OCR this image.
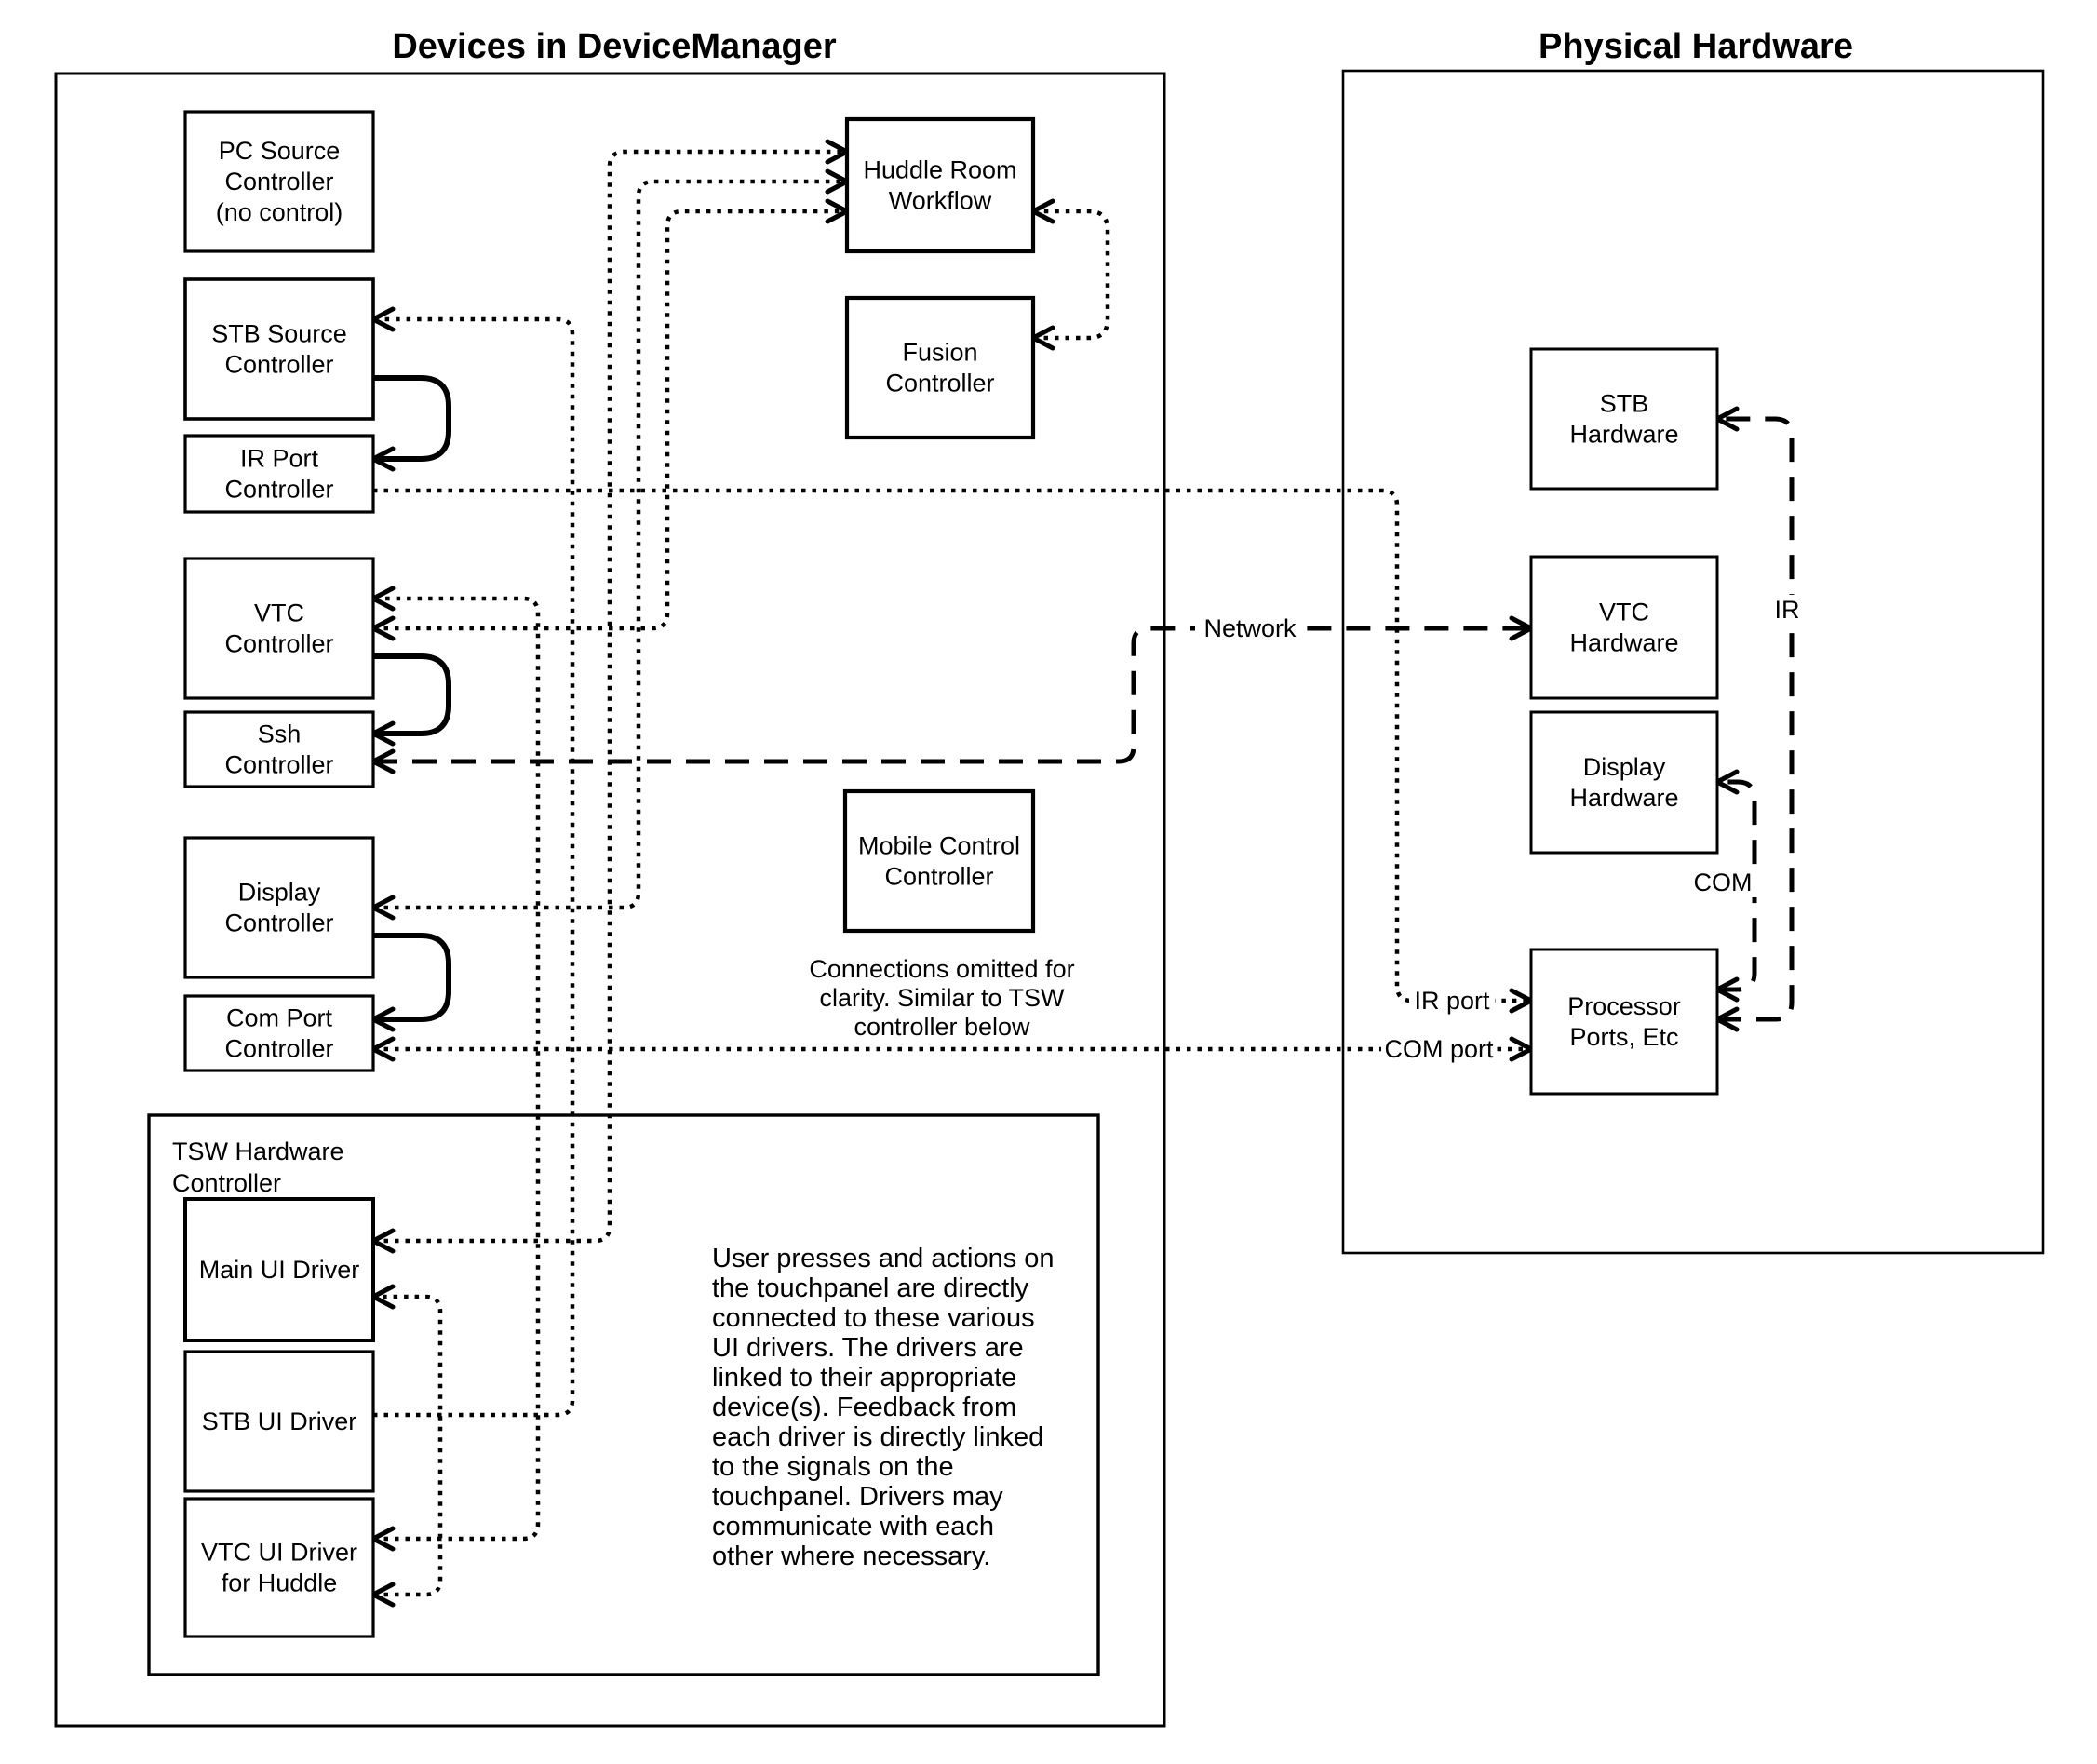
Network
IR
COM
IR port
COM port
PC Source Controller (no control)
STB Source Controller
IR Port Controller
VTC Controller
Ssh Controller
Display Controller
Com Port Controller
Huddle Room Workflow
Fusion Controller
Mobile Control Controller
Main UI Driver
STB UI Driver
VTC UI Driver for Huddle
STB Hardware
VTC Hardware
Display Hardware
Processor Ports, Etc
TSW Hardware Controller
Connections omitted for clarity. Similar to TSW controller below
User presses and actions on the touchpanel are directly connected to these various UI drivers. The drivers are linked to their appropriate device(s). Feedback from each driver is directly linked to the signals on the touchpanel. Drivers may communicate with each other where necessary.
Devices in DeviceManager	Physical Hardware
